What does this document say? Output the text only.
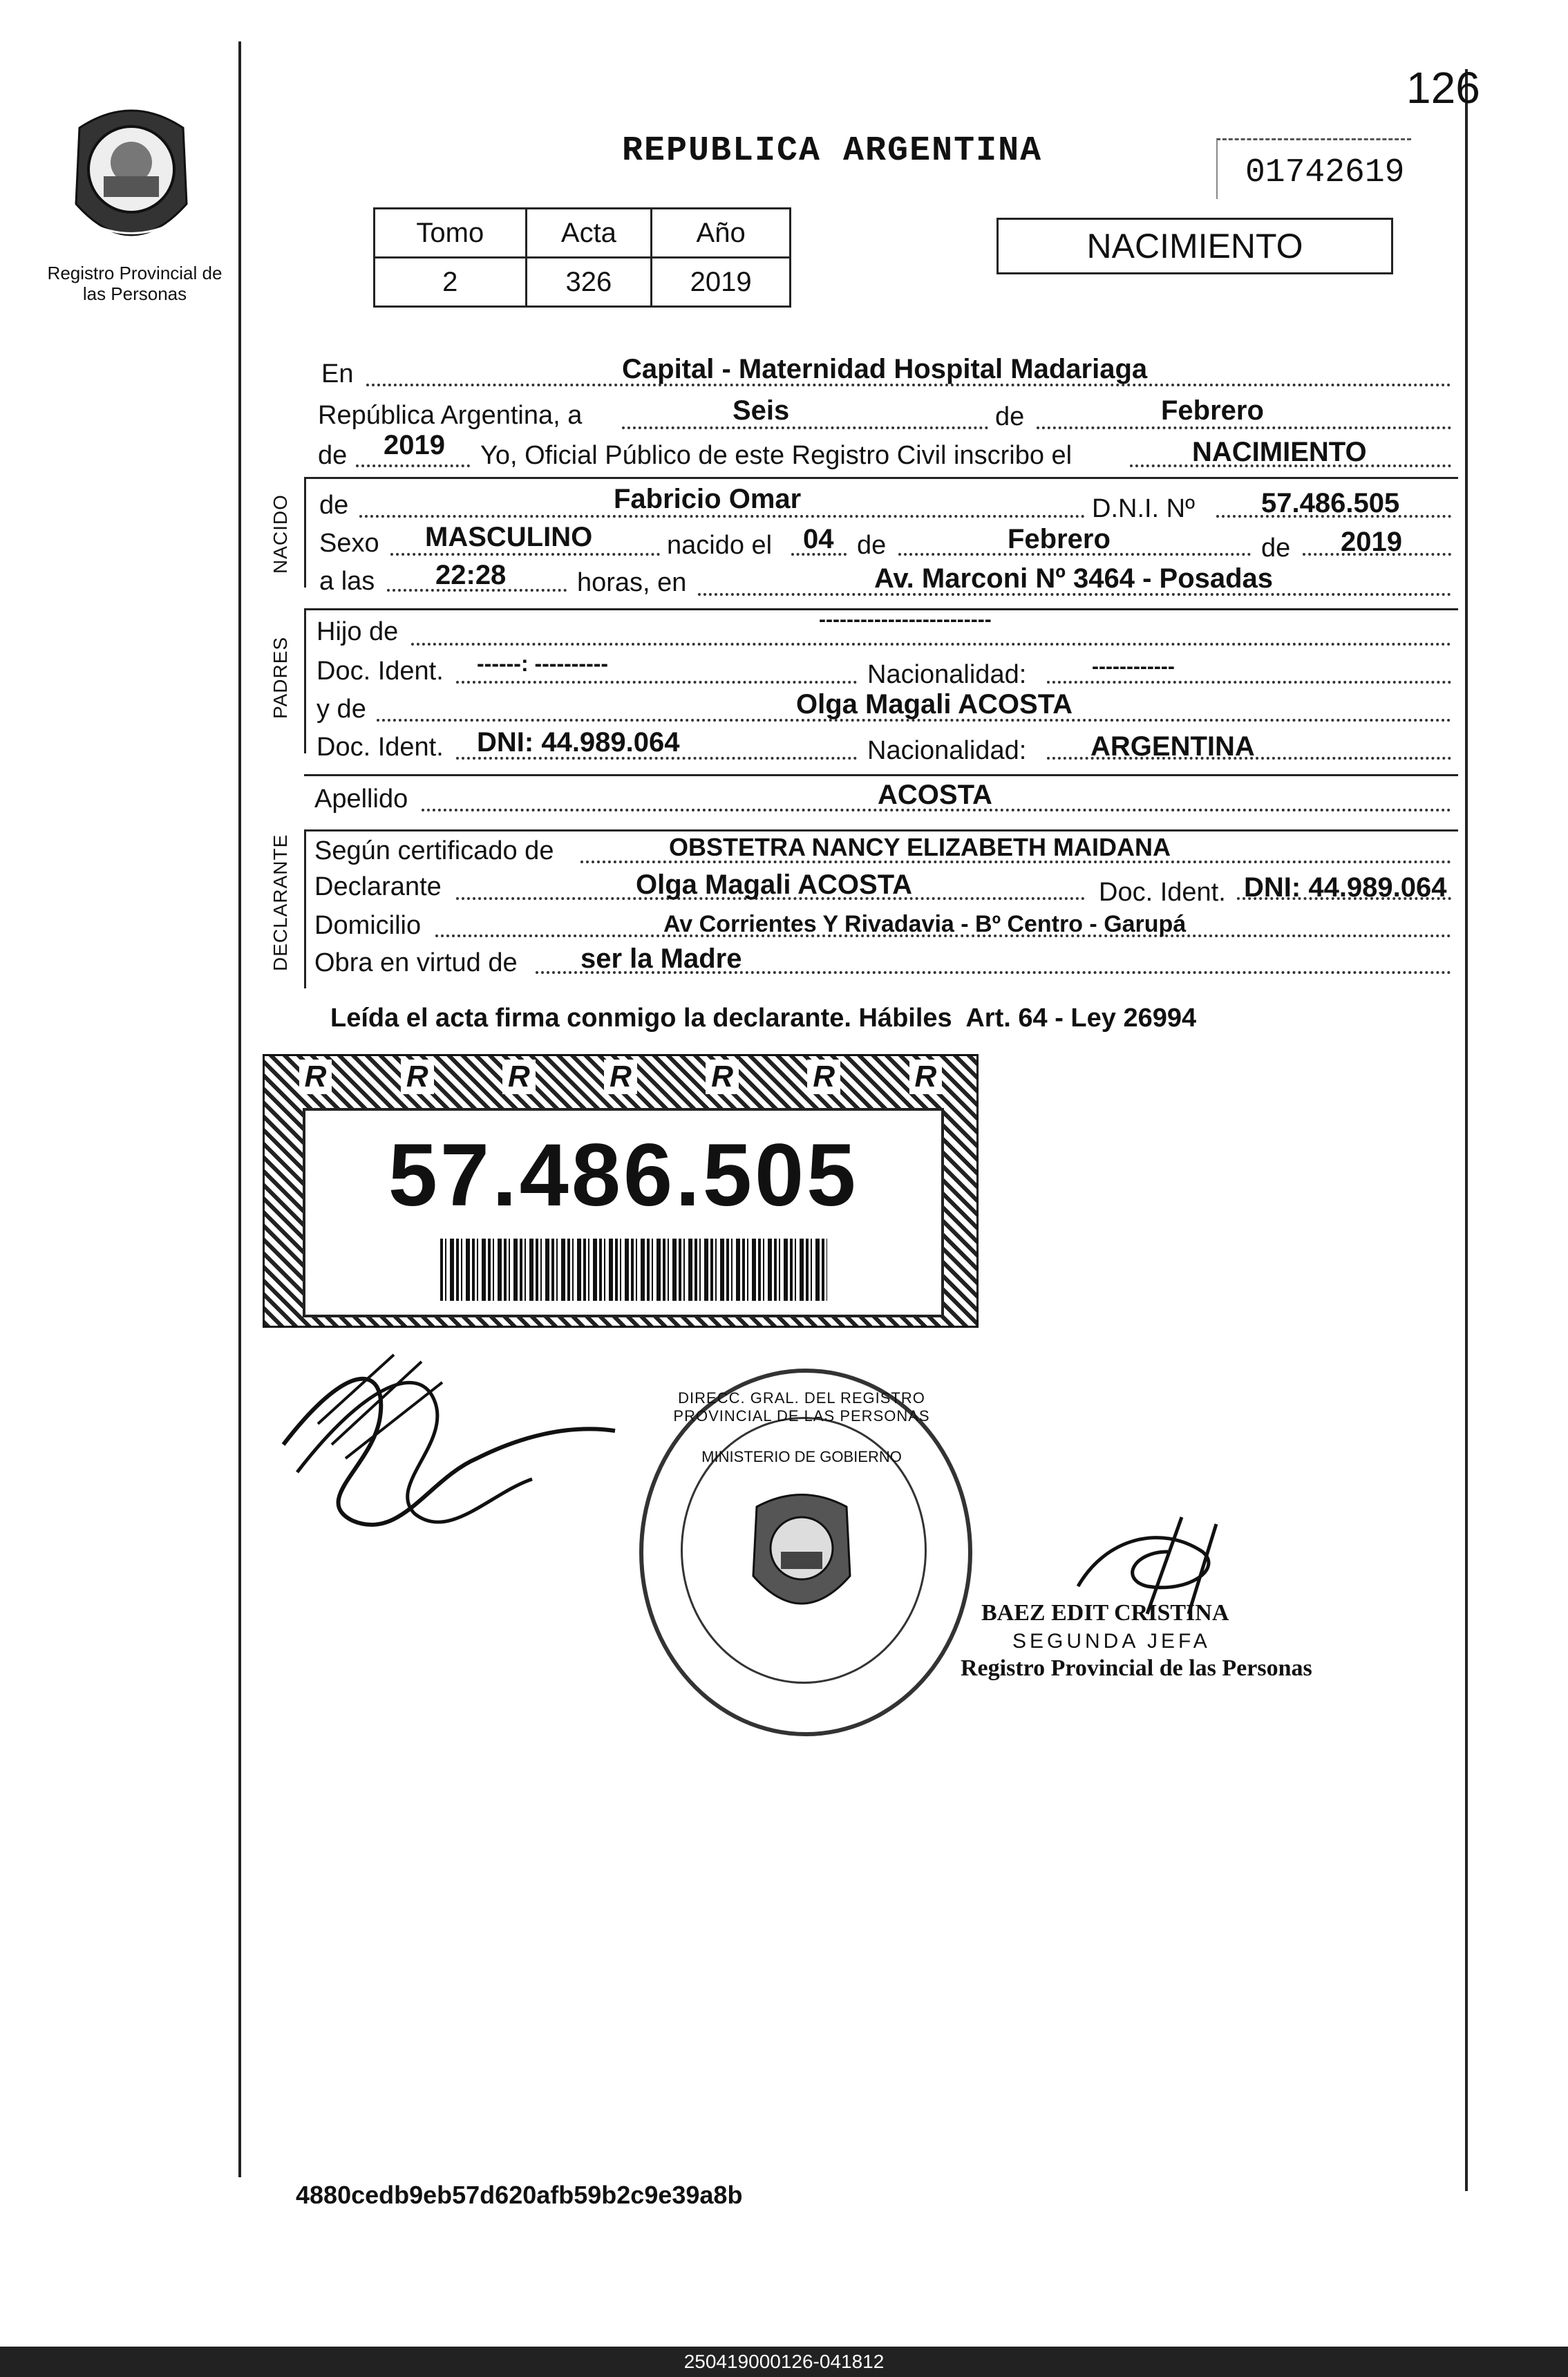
126
Registro Provincial de las Personas
REPUBLICA ARGENTINA
01742619
Tomo	Acta	Año
2	326	2019
NACIMIENTO
En	Capital - Maternidad Hospital Madariaga
República Argentina, a	Seis	de	Febrero
de 2019 Yo, Oficial Público de este Registro Civil inscribo el	NACIMIENTO
NACIDO de	Fabricio Omar	D.N.I. Nº 57.486.505
Sexo MASCULINO	nacido el 04 de	Febrero	de 2019
a las 22:28	horas, en	Av. Marconi Nº 3464 - Posadas
PADRES
Hijo de	-------------------------
Doc. Ident. ------: ----------	Nacionalidad:	------------
y de	Olga Magali ACOSTA
Doc. Ident. DNI: 44.989.064	Nacionalidad: ARGENTINA
Apellido	ACOSTA
DECLARANTE Según certificado de	OBSTETRA NANCY ELIZABETH MAIDANA
Declarante	Olga Magali ACOSTA	Doc. Ident. DNI: 44.989.064
Domicilio	Av Corrientes Y Rivadavia - Bº Centro - Garupá
Obra en virtud de ser la Madre
Leída el acta firma conmigo la declarante. Hábiles  Art. 64 - Ley 26994
R	R	R	R	R	R	R
57.486.505
DIRECC. GRAL. DEL REGISTRO PROVINCIAL DE LAS PERSONAS
MINISTERIO DE GOBIERNO
BAEZ EDIT CRISTINA
SEGUNDA JEFA
Registro Provincial de las Personas
4880cedb9eb57d620afb59b2c9e39a8b
250419000126-041812
